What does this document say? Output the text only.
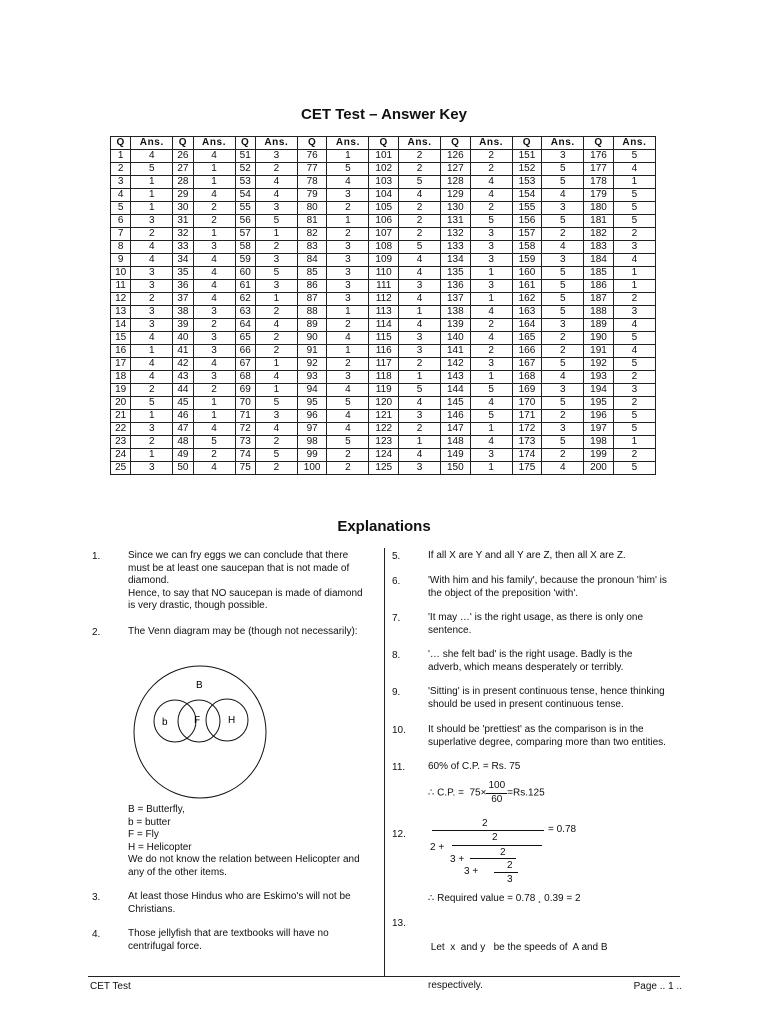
CET Test – Answer Key
Q	Ans.	Q	Ans.	Q	Ans.	Q	Ans.	Q	Ans.	Q	Ans.	Q	Ans.	Q	Ans.
1	4	26	4	51	3	76	1	101	2	126	2	151	3	176	5
2	5	27	1	52	2	77	5	102	2	127	2	152	5	177	4
3	1	28	1	53	4	78	4	103	5	128	4	153	5	178	1
4	1	29	4	54	4	79	3	104	4	129	4	154	4	179	5
5	1	30	2	55	3	80	2	105	2	130	2	155	3	180	5
6	3	31	2	56	5	81	1	106	2	131	5	156	5	181	5
7	2	32	1	57	1	82	2	107	2	132	3	157	2	182	2
8	4	33	3	58	2	83	3	108	5	133	3	158	4	183	3
9	4	34	4	59	3	84	3	109	4	134	3	159	3	184	4
10	3	35	4	60	5	85	3	110	4	135	1	160	5	185	1
11	3	36	4	61	3	86	3	111	3	136	3	161	5	186	1
12	2	37	4	62	1	87	3	112	4	137	1	162	5	187	2
13	3	38	3	63	2	88	1	113	1	138	4	163	5	188	3
14	3	39	2	64	4	89	2	114	4	139	2	164	3	189	4
15	4	40	3	65	2	90	4	115	3	140	4	165	2	190	5
16	1	41	3	66	2	91	1	116	3	141	2	166	2	191	4
17	4	42	4	67	1	92	2	117	2	142	3	167	5	192	5
18	4	43	3	68	4	93	3	118	1	143	1	168	4	193	2
19	2	44	2	69	1	94	4	119	5	144	5	169	3	194	3
20	5	45	1	70	5	95	5	120	4	145	4	170	5	195	2
21	1	46	1	71	3	96	4	121	3	146	5	171	2	196	5
22	3	47	4	72	4	97	4	122	2	147	1	172	3	197	5
23	2	48	5	73	2	98	5	123	1	148	4	173	5	198	1
24	1	49	2	74	5	99	2	124	4	149	3	174	2	199	2
25	3	50	4	75	2	100	2	125	3	150	1	175	4	200	5
Explanations
1.	Since we can fry eggs we can conclude that there

must be at least one saucepan that is not made of

diamond.

Hence, to say that NO saucepan is made of diamond

is very drastic, though possible.

2.	The Venn diagram may be (though not necessarily):

B
b	F	H

B = Butterfly,

b = butter

F = Fly

H = Helicopter

We do not know the relation between Helicopter and

any of the other items.

3.	At least those Hindus who are Eskimo's will not be

Christians.

4.	Those jellyfish that are textbooks will have no

centrifugal force.

5.	If all X are Y and all Y are Z, then all X are Z.

6.	'With him and his family', because the pronoun 'him' is

the object of the preposition 'with'.

7.	'It may …' is the right usage, as there is only one

sentence.

8.	'… she felt bad' is the right usage. Badly is the

adverb, which means desperately or terribly.

9.	'Sitting' is in present continuous tense, hence thinking

should be used in present continuous tense.

10. It should be 'prettiest' as the comparison is in the

superlative degree, comparing more than two entities.

11. 60% of C.P. = Rs. 75

∴ C.P. = $75\times \frac{100}{60} =Rs.125$
12.
2
= 0.78
2 +
2
3 +
2
3 +
2
3
∴ Required value = 0.78 ¸ 0.39 = 2
13.

Let  x  and y   be the speeds of  A and B

respectively.

CET Test	Page .. 1 ..
